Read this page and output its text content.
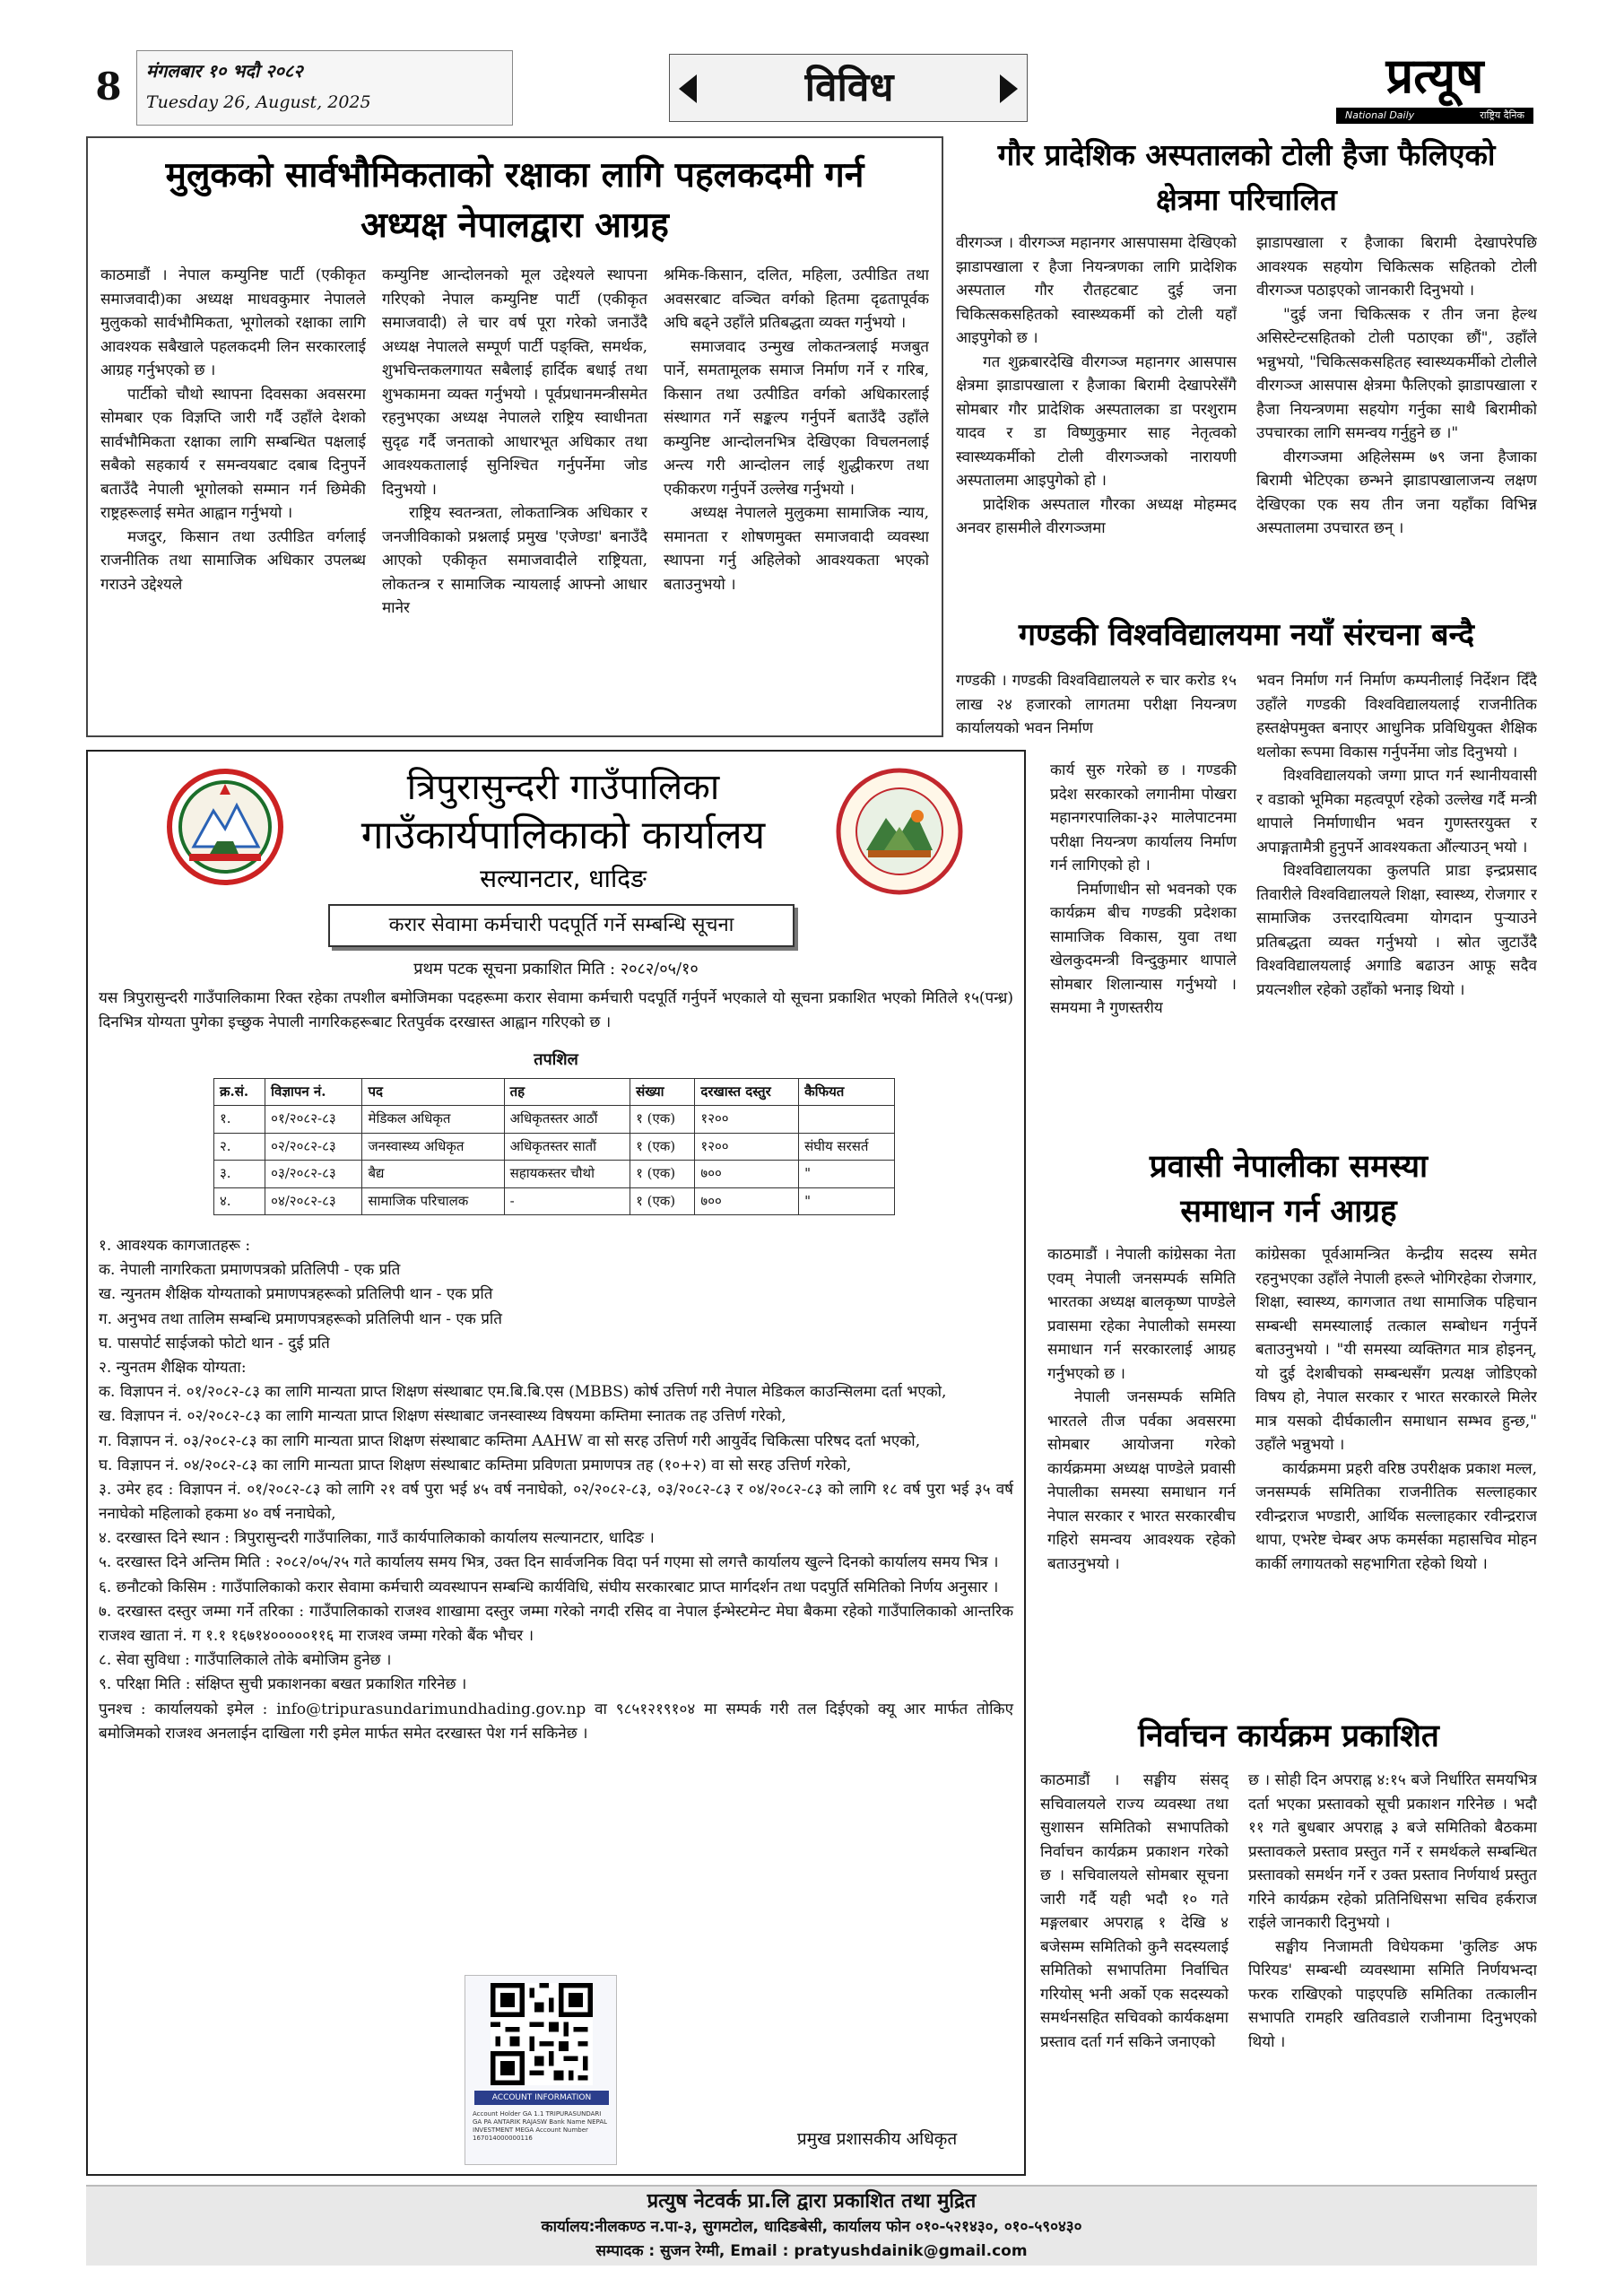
8	मंगलबार १० भदौ २०८२
Tuesday 26, August, 2025	विविध	प्रत्यूष
National Daily	राष्ट्रिय दैनिक
मुलुकको सार्वभौमिकताको रक्षाका लागि पहलकदमी गर्न
अध्यक्ष नेपालद्वारा आग्रह

काठमाडौं । नेपाल कम्युनिष्ट पार्टी (एकीकृत समाजवादी)का अध्यक्ष माधवकुमार नेपालले मुलुकको सार्वभौमिकता, भूगोलको रक्षाका लागि आवश्यक सबैखाले पहलकदमी लिन सरकारलाई आग्रह गर्नुभएको छ ।

पार्टीको चौथो स्थापना दिवसका अवसरमा सोमबार एक विज्ञप्ति जारी गर्दै उहाँले देशको सार्वभौमिकता रक्षाका लागि सम्बन्धित पक्षलाई सबैको सहकार्य र समन्वयबाट दबाब दिनुपर्ने बताउँदै नेपाली भूगोलको सम्मान गर्न छिमेकी राष्ट्रहरूलाई समेत आह्वान गर्नुभयो ।

मजदुर, किसान तथा उत्पीडित वर्गलाई राजनीतिक तथा सामाजिक अधिकार उपलब्ध गराउने उद्देश्यले

कम्युनिष्ट आन्दोलनको मूल उद्देश्यले स्थापना गरिएको नेपाल कम्युनिष्ट पार्टी (एकीकृत समाजवादी) ले चार वर्ष पूरा गरेको जनाउँदै अध्यक्ष नेपालले सम्पूर्ण पार्टी पङ्क्ति, समर्थक, शुभचिन्तकलगायत सबैलाई हार्दिक बधाई तथा शुभकामना व्यक्त गर्नुभयो । पूर्वप्रधानमन्त्रीसमेत रहनुभएका अध्यक्ष नेपालले राष्ट्रिय स्वाधीनता सुदृढ गर्दै जनताको आधारभूत अधिकार तथा आवश्यकतालाई सुनिश्चित गर्नुपर्नेमा जोड दिनुभयो ।

राष्ट्रिय स्वतन्त्रता, लोकतान्त्रिक अधिकार र जनजीविकाको प्रश्नलाई प्रमुख 'एजेण्डा' बनाउँदै आएको एकीकृत समाजवादीले राष्ट्रियता, लोकतन्त्र र सामाजिक न्यायलाई आफ्नो आधार मानेर

श्रमिक-किसान, दलित, महिला, उत्पीडित तथा अवसरबाट वञ्चित वर्गको हितमा दृढतापूर्वक अघि बढ्ने उहाँले प्रतिबद्धता व्यक्त गर्नुभयो ।

समाजवाद उन्मुख लोकतन्त्रलाई मजबुत पार्ने, समतामूलक समाज निर्माण गर्ने र गरिब, किसान तथा उत्पीडित वर्गको अधिकारलाई संस्थागत गर्ने सङ्कल्प गर्नुपर्ने बताउँदै उहाँले कम्युनिष्ट आन्दोलनभित्र देखिएका विचलनलाई अन्त्य गरी आन्दोलन लाई शुद्धीकरण तथा एकीकरण गर्नुपर्ने उल्लेख गर्नुभयो ।

अध्यक्ष नेपालले मुलुकमा सामाजिक न्याय, समानता र शोषणमुक्त समाजवादी व्यवस्था स्थापना गर्नु अहिलेको आवश्यकता भएको बताउनुभयो ।

गौर प्रादेशिक अस्पतालको टोली हैजा फैलिएको
क्षेत्रमा परिचालित

वीरगञ्ज । वीरगञ्ज महानगर आसपासमा देखिएको झाडापखाला र हैजा नियन्त्रणका लागि प्रादेशिक अस्पताल गौर रौतहटबाट दुई जना चिकित्सकसहितको स्वास्थ्यकर्मी को टोली यहाँ आइपुगेको छ ।

गत शुक्रबारदेखि वीरगञ्ज महानगर आसपास क्षेत्रमा झाडापखाला र हैजाका बिरामी देखापरेसँगै सोमबार गौर प्रादेशिक अस्पतालका डा परशुराम यादव र डा विष्णुकुमार साह नेतृत्वको स्वास्थ्यकर्मीको टोली वीरगञ्जको नारायणी अस्पतालमा आइपुगेको हो ।

प्रादेशिक अस्पताल गौरका अध्यक्ष मोहम्मद अनवर हासमीले वीरगञ्जमा

झाडापखाला र हैजाका बिरामी देखापरेपछि आवश्यक सहयोग चिकित्सक सहितको टोली वीरगञ्ज पठाइएको जानकारी दिनुभयो ।

"दुई जना चिकित्सक र तीन जना हेल्थ असिस्टेन्टसहितको टोली पठाएका छौं", उहाँले भन्नुभयो, "चिकित्सकसहितह स्वास्थ्यकर्मीको टोलीले वीरगञ्ज आसपास क्षेत्रमा फैलिएको झाडापखाला र हैजा नियन्त्रणमा सहयोग गर्नुका साथै बिरामीको उपचारका लागि समन्वय गर्नुहुने छ ।"

वीरगञ्जमा अहिलेसम्म ७९ जना हैजाका बिरामी भेटिएका छन्भने झाडापखालाजन्य लक्षण देखिएका एक सय तीन जना यहाँका विभिन्न अस्पतालमा उपचारत छन् ।

गण्डकी विश्वविद्यालयमा नयाँ संरचना बन्दै

गण्डकी । गण्डकी विश्वविद्यालयले रु चार करोड १५ लाख २४ हजारको लागतमा परीक्षा नियन्त्रण कार्यालयको भवन निर्माण

कार्य सुरु गरेको छ । गण्डकी प्रदेश सरकारको लगानीमा पोखरा महानगरपालिका-३२ मालेपाटनमा परीक्षा नियन्त्रण कार्यालय निर्माण गर्न लागिएको हो ।

निर्माणाधीन सो भवनको एक कार्यक्रम बीच गण्डकी प्रदेशका सामाजिक विकास, युवा तथा खेलकुदमन्त्री विन्दुकुमार थापाले सोमबार शिलान्यास गर्नुभयो । समयमा नै गुणस्तरीय

भवन निर्माण गर्न निर्माण कम्पनीलाई निर्देशन दिँदै उहाँले गण्डकी विश्वविद्यालयलाई राजनीतिक हस्तक्षेपमुक्त बनाएर आधुनिक प्रविधियुक्त शैक्षिक थलोका रूपमा विकास गर्नुपर्नेमा जोड दिनुभयो ।

विश्वविद्यालयको जग्गा प्राप्त गर्न स्थानीयवासी र वडाको भूमिका महत्वपूर्ण रहेको उल्लेख गर्दै मन्त्री थापाले निर्माणाधीन भवन गुणस्तरयुक्त र अपाङ्गतामैत्री हुनुपर्ने आवश्यकता औंल्याउन् भयो ।

विश्वविद्यालयका कुलपति प्राडा इन्द्रप्रसाद तिवारीले विश्वविद्यालयले शिक्षा, स्वास्थ्य, रोजगार र सामाजिक उत्तरदायित्वमा योगदान पुऱ्याउने प्रतिबद्धता व्यक्त गर्नुभयो । स्रोत जुटाउँदै विश्वविद्यालयलाई अगाडि बढाउन आफू सदैव प्रयत्नशील रहेको उहाँको भनाइ थियो ।

प्रवासी नेपालीका समस्या
समाधान गर्न आग्रह

काठमाडौं । नेपाली कांग्रेसका नेता एवम् नेपाली जनसम्पर्क समिति भारतका अध्यक्ष बालकृष्ण पाण्डेले प्रवासमा रहेका नेपालीको समस्या समाधान गर्न सरकारलाई आग्रह गर्नुभएको छ ।

नेपाली जनसम्पर्क समिति भारतले तीज पर्वका अवसरमा सोमबार आयोजना गरेको कार्यक्रममा अध्यक्ष पाण्डेले प्रवासी नेपालीका समस्या समाधान गर्न नेपाल सरकार र भारत सरकारबीच गहिरो समन्वय आवश्यक रहेको बताउनुभयो ।

कांग्रेसका पूर्वआमन्त्रित केन्द्रीय सदस्य समेत रहनुभएका उहाँले नेपाली हरूले भोगिरहेका रोजगार, शिक्षा, स्वास्थ्य, कागजात तथा सामाजिक पहिचान सम्बन्धी समस्यालाई तत्काल सम्बोधन गर्नुपर्ने बताउनुभयो । "यी समस्या व्यक्तिगत मात्र होइनन्, यो दुई देशबीचको सम्बन्धसँग प्रत्यक्ष जोडिएको विषय हो, नेपाल सरकार र भारत सरकारले मिलेर मात्र यसको दीर्घकालीन समाधान सम्भव हुन्छ," उहाँले भन्नुभयो ।

कार्यक्रममा प्रहरी वरिष्ठ उपरीक्षक प्रकाश मल्ल, जनसम्पर्क समितिका राजनीतिक सल्लाहकार रवीन्द्रराज भण्डारी, आर्थिक सल्लाहकार रवीन्द्रराज थापा, एभरेष्ट चेम्बर अफ कमर्सका महासचिव मोहन कार्की लगायतको सहभागिता रहेको थियो ।

निर्वाचन कार्यक्रम प्रकाशित

काठमाडौं । सङ्घीय संसद् सचिवालयले राज्य व्यवस्था तथा सुशासन समितिको सभापतिको निर्वाचन कार्यक्रम प्रकाशन गरेको छ । सचिवालयले सोमबार सूचना जारी गर्दै यही भदौ १० गते मङ्गलबार अपराह्न १ देखि ४ बजेसम्म समितिको कुनै सदस्यलाई समितिको सभापतिमा निर्वाचित गरियोस् भनी अर्को एक सदस्यको समर्थनसहित सचिवको कार्यकक्षमा प्रस्ताव दर्ता गर्न सकिने जनाएको

छ । सोही दिन अपराह्न ४:१५ बजे निर्धारित समयभित्र दर्ता भएका प्रस्तावको सूची प्रकाशन गरिनेछ । भदौ ११ गते बुधबार अपराह्न ३ बजे समितिको बैठकमा प्रस्तावकले प्रस्ताव प्रस्तुत गर्ने र समर्थकले सम्बन्धित प्रस्तावको समर्थन गर्ने र उक्त प्रस्ताव निर्णयार्थ प्रस्तुत गरिने कार्यक्रम रहेको प्रतिनिधिसभा सचिव हर्कराज राईले जानकारी दिनुभयो ।

सङ्घीय निजामती विधेयकमा 'कुलिङ अफ पिरियड' सम्बन्धी व्यवस्थामा समिति निर्णयभन्दा फरक राखिएको पाइएपछि समितिका तत्कालीन सभापति रामहरि खतिवडाले राजीनामा दिनुभएको थियो ।

त्रिपुरासुन्दरी गाउँपालिका
गाउँकार्यपालिकाको कार्यालय
सल्यानटार, धादिङ
करार सेवामा कर्मचारी पदपूर्ति गर्ने सम्बन्धि सूचना
प्रथम पटक सूचना प्रकाशित मिति : २०८२/०५/१०
यस त्रिपुरासुन्दरी गाउँपालिकामा रिक्त रहेका तपशील बमोजिमका पदहरूमा करार सेवामा कर्मचारी पदपूर्ति गर्नुपर्ने भएकाले यो सूचना प्रकाशित भएको मितिले १५(पन्ध्र) दिनभित्र योग्यता पुगेका इच्छुक नेपाली नागरिकहरूबाट रितपुर्वक दरखास्त आह्वान गरिएको छ ।
तपशिल
क्र.सं.	विज्ञापन नं.	पद	तह	संख्या	दरखास्त दस्तुर	कैफियत
१.	०१/२०८२-८३	मेडिकल अधिकृत	अधिकृतस्तर आठौं	१ (एक)	१२००	
२.	०२/२०८२-८३	जनस्वास्थ्य अधिकृत	अधिकृतस्तर सातौं	१ (एक)	१२००	संघीय सरसर्त
३.	०३/२०८२-८३	बैद्य	सहायकस्तर चौथो	१ (एक)	७००	"
४.	०४/२०८२-८३	सामाजिक परिचालक	-	१ (एक)	७००	"
१. आवश्यक कागजातहरू :
क. नेपाली नागरिकता प्रमाणपत्रको प्रतिलिपी - एक प्रति
ख. न्युनतम शैक्षिक योग्यताको प्रमाणपत्रहरूको प्रतिलिपी थान - एक प्रति
ग. अनुभव तथा तालिम सम्बन्धि प्रमाणपत्रहरूको प्रतिलिपी थान - एक प्रति
घ. पासपोर्ट साईजको फोटो थान - दुई प्रति
२. न्युनतम शैक्षिक योग्यता:
क. विज्ञापन नं. ०१/२०८२-८३ का लागि मान्यता प्राप्त शिक्षण संस्थाबाट एम.बि.बि.एस (MBBS) कोर्ष उत्तिर्ण गरी नेपाल मेडिकल काउन्सिलमा दर्ता भएको,
ख. विज्ञापन नं. ०२/२०८२-८३ का लागि मान्यता प्राप्त शिक्षण संस्थाबाट जनस्वास्थ्य विषयमा कम्तिमा स्नातक तह उत्तिर्ण गरेको,
ग. विज्ञापन नं. ०३/२०८२-८३ का लागि मान्यता प्राप्त शिक्षण संस्थाबाट कम्तिमा AAHW वा सो सरह उत्तिर्ण गरी आयुर्वेद चिकित्सा परिषद दर्ता भएको,
घ. विज्ञापन नं. ०४/२०८२-८३ का लागि मान्यता प्राप्त शिक्षण संस्थाबाट कम्तिमा प्रविणता प्रमाणपत्र तह (१०+२) वा सो सरह उत्तिर्ण गरेको,
३. उमेर हद : विज्ञापन नं. ०१/२०८२-८३ को लागि २१ वर्ष पुरा भई ४५ वर्ष ननाघेको, ०२/२०८२-८३, ०३/२०८२-८३ र ०४/२०८२-८३ को लागि १८ वर्ष पुरा भई ३५ वर्ष ननाघेको महिलाको हकमा ४० वर्ष ननाघेको,
४. दरखास्त दिने स्थान : त्रिपुरासुन्दरी गाउँपालिका, गाउँ कार्यपालिकाको कार्यालय सल्यानटार, धादिङ ।
५. दरखास्त दिने अन्तिम मिति : २०८२/०५/२५ गते कार्यालय समय भित्र, उक्त दिन सार्वजनिक विदा पर्न गएमा सो लगत्तै कार्यालय खुल्ने दिनको कार्यालय समय भित्र ।
६. छनौटको किसिम : गाउँपालिकाको करार सेवामा कर्मचारी व्यवस्थापन सम्बन्धि कार्यविधि, संघीय सरकारबाट प्राप्त मार्गदर्शन तथा पदपुर्ति समितिको निर्णय अनुसार ।
७. दरखास्त दस्तुर जम्मा गर्ने तरिका : गाउँपालिकाको राजश्व शाखामा दस्तुर जम्मा गरेको नगदी रसिद वा नेपाल ईन्भेस्टमेन्ट मेघा बैकमा रहेको गाउँपालिकाको आन्तरिक राजश्व खाता नं. ग १.१ १६७१४०००००११६ मा राजश्व जम्मा गरेको बैंक भौचर ।
८. सेवा सुविधा : गाउँपालिकाले तोके बमोजिम हुनेछ ।
९. परिक्षा मिति : संक्षिप्त सुची प्रकाशनका बखत प्रकाशित गरिनेछ ।
पुनश्च : कार्यालयको इमेल : info@tripurasundarimundhading.gov.np वा ९८५१२१९१०४ मा सम्पर्क गरी तल दिईएको क्यू आर मार्फत तोकिए बमोजिमको राजश्व अनलाईन दाखिला गरी इमेल मार्फत समेत दरखास्त पेश गर्न सकिनेछ ।
ACCOUNT INFORMATION
Account Holder GA 1.1 TRIPURASUNDARI GA PA ANTARIK RAJASW Bank Name NEPAL INVESTMENT MEGA Account Number 167014000000116	प्रमुख प्रशासकीय अधिकृत
प्रत्युष नेटवर्क प्रा.लि द्वारा प्रकाशित तथा मुद्रित
कार्यालय:नीलकण्ठ न.पा-३, सुगमटोल, धादिङबेसी, कार्यालय फोन ०१०-५२१४३०, ०१०-५९०४३०
सम्पादक : सुजन रेग्मी, Email : pratyushdainik@gmail.com
